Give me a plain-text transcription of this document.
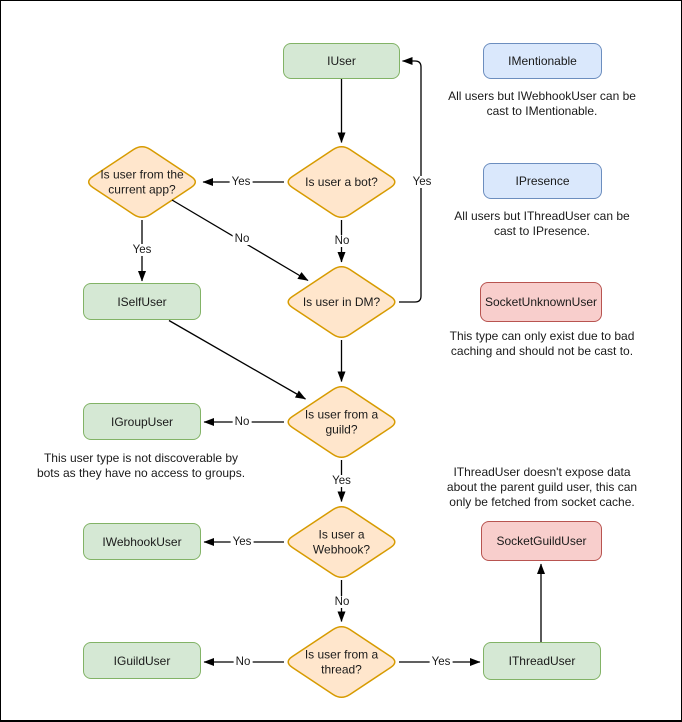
IUser	IMentionable
IPresence
SocketUnknownUser
ISelfUser
IGroupUser
IWebhookUser
IGuildUser
SocketGuildUser
IThreadUser
Is user from the current app?
Is user a bot?
Is user in DM?
Is user from a guild?
Is user a Webhook?
Is user from a thread?
Yes	Yes
No
Yes
No
No
Yes
Yes
No
No	Yes
All users but IWebhookUser can be cast to IMentionable.
All users but IThreadUser can be cast to IPresence.
This type can only exist due to bad caching and should not be cast to.
This user type is not discoverable by bots as they have no access to groups.	IThreadUser doesn't expose data about the parent guild user, this can only be fetched from socket cache.
